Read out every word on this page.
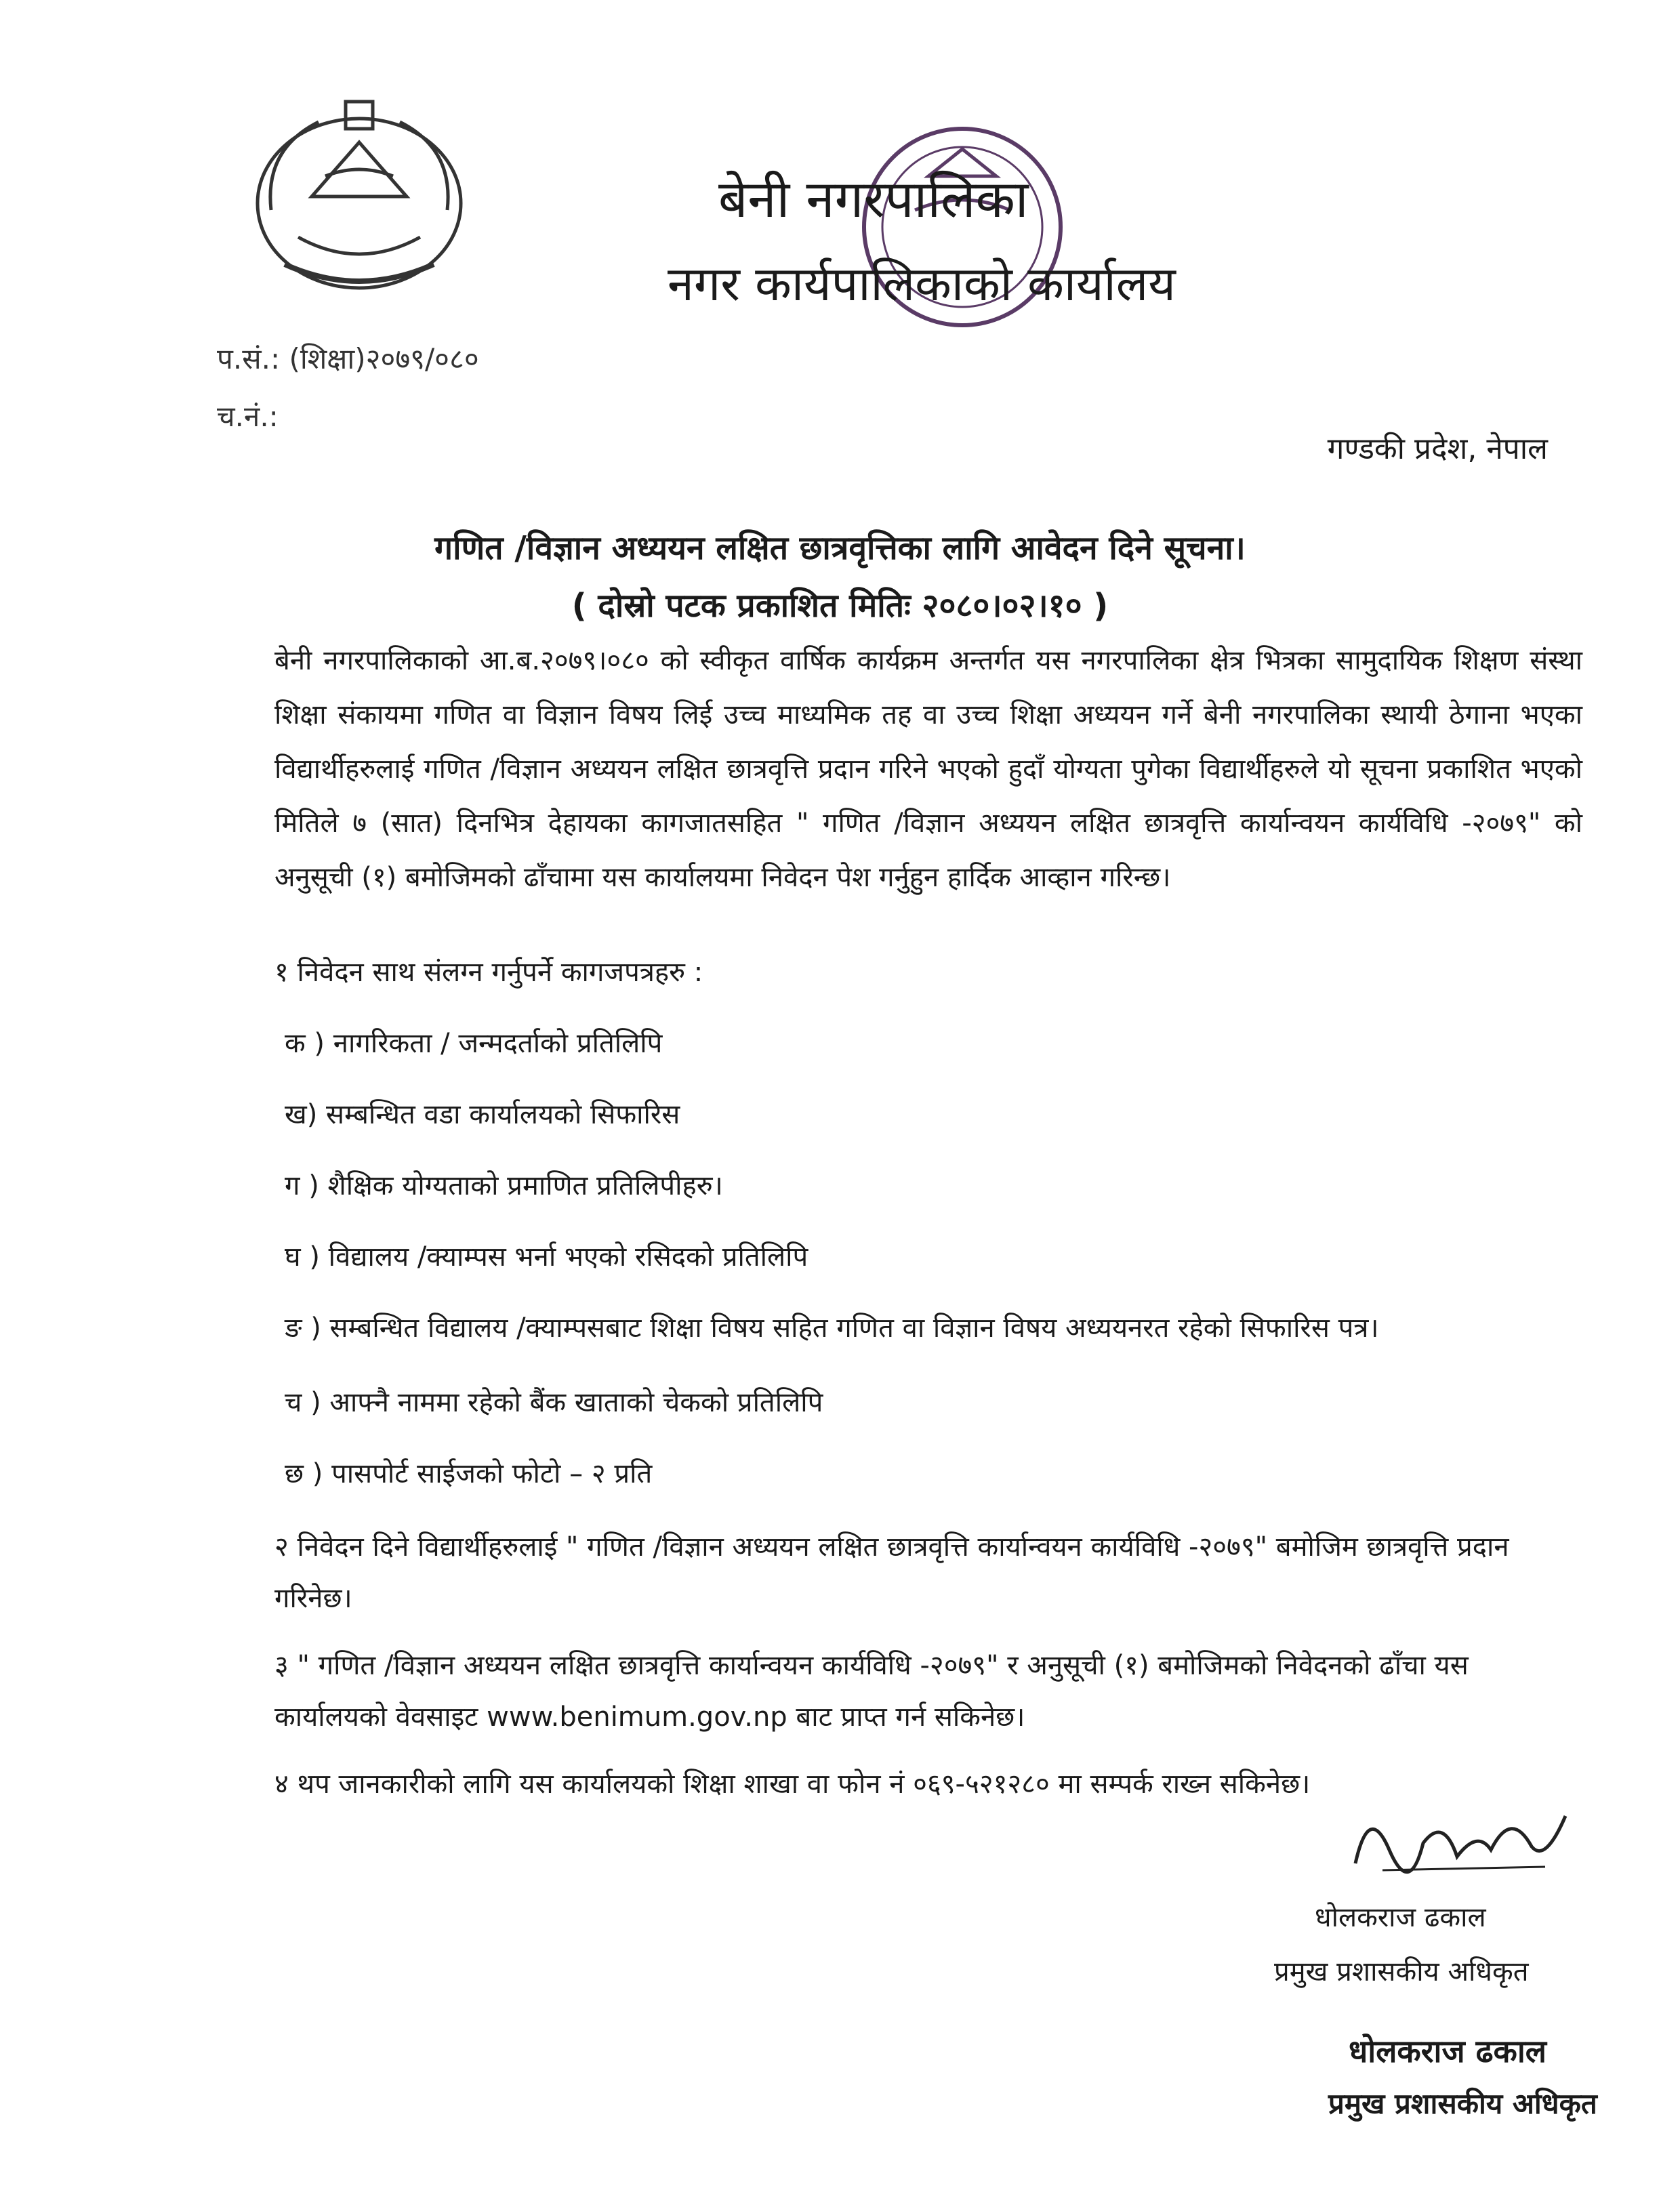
बेनी नगरपालिका
नगर कार्यपालिकाको कार्यालय
प.सं.: (शिक्षा)२०७९/०८०
च.नं.:
गण्डकी प्रदेश, नेपाल
गणित /विज्ञान अध्ययन लक्षित छात्रवृत्तिका लागि आवेदन दिने सूचना।
( दोस्रो पटक प्रकाशित मितिः २०८०।०२।१० )
बेनी नगरपालिकाको आ.ब.२०७९।०८० को स्वीकृत वार्षिक कार्यक्रम अन्तर्गत यस नगरपालिका क्षेत्र भित्रका सामुदायिक शिक्षण संस्था शिक्षा संकायमा गणित वा विज्ञान विषय लिई उच्च माध्यमिक तह वा उच्च शिक्षा अध्ययन गर्ने बेनी नगरपालिका स्थायी ठेगाना भएका विद्यार्थीहरुलाई गणित /विज्ञान अध्ययन लक्षित छात्रवृत्ति प्रदान गरिने भएको हुदाँ योग्यता पुगेका विद्यार्थीहरुले यो सूचना प्रकाशित भएको मितिले ७ (सात) दिनभित्र देहायका कागजातसहित " गणित /विज्ञान अध्ययन लक्षित छात्रवृत्ति कार्यान्वयन कार्यविधि -२०७९" को अनुसूची (१) बमोजिमको ढाँचामा यस कार्यालयमा निवेदन पेश गर्नुहुन हार्दिक आव्हान गरिन्छ।
१ निवेदन साथ संलग्न गर्नुपर्ने कागजपत्रहरु :
क ) नागरिकता / जन्मदर्ताको प्रतिलिपि
ख) सम्बन्धित वडा कार्यालयको सिफारिस
ग ) शैक्षिक योग्यताको प्रमाणित प्रतिलिपीहरु।
घ ) विद्यालय /क्याम्पस भर्ना भएको रसिदको प्रतिलिपि
ङ ) सम्बन्धित विद्यालय /क्याम्पसबाट शिक्षा विषय सहित गणित वा विज्ञान विषय अध्ययनरत रहेको सिफारिस पत्र।
च ) आफ्नै नाममा रहेको बैंक खाताको चेकको प्रतिलिपि
छ ) पासपोर्ट साईजको फोटो – २ प्रति
२ निवेदन दिने विद्यार्थीहरुलाई " गणित /विज्ञान अध्ययन लक्षित छात्रवृत्ति कार्यान्वयन कार्यविधि -२०७९" बमोजिम छात्रवृत्ति प्रदान गरिनेछ।
३ " गणित /विज्ञान अध्ययन लक्षित छात्रवृत्ति कार्यान्वयन कार्यविधि -२०७९" र अनुसूची (१) बमोजिमको निवेदनको ढाँचा यस कार्यालयको वेवसाइट www.benimum.gov.np बाट प्राप्त गर्न सकिनेछ।
४ थप जानकारीको लागि यस कार्यालयको शिक्षा शाखा वा फोन नं ०६९-५२१२८० मा सम्पर्क राख्न सकिनेछ।
धोलकराज ढकाल
प्रमुख प्रशासकीय अधिकृत
धोलकराज ढकाल
प्रमुख प्रशासकीय अधिकृत
